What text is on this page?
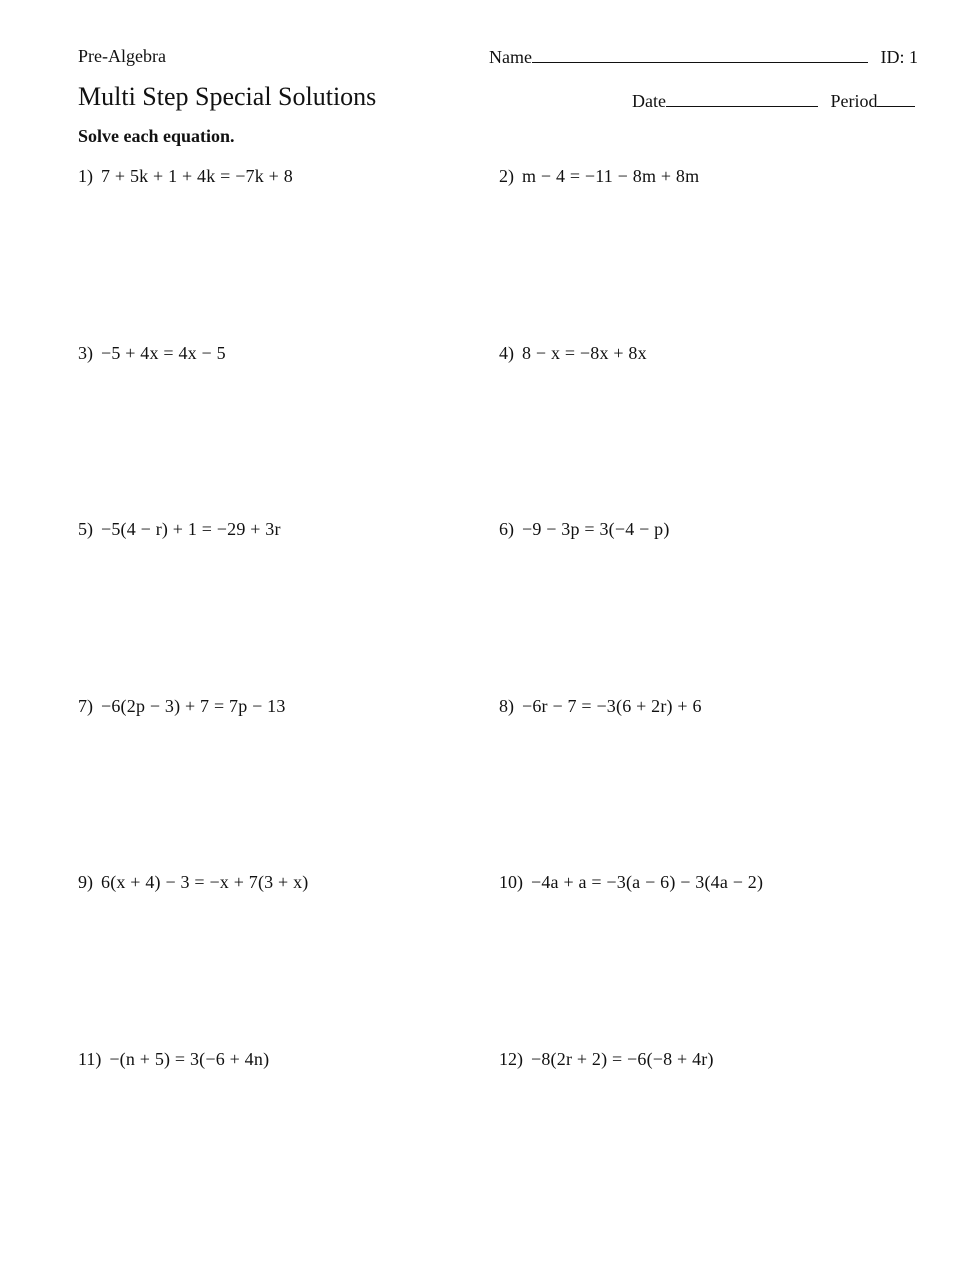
Pre-Algebra	Name	ID: 1
Multi Step Special Solutions	Date	Period
Solve each equation.
1) 7 + 5k + 1 + 4k = −7k + 8	2) m − 4 = −11 − 8m + 8m
3) −5 + 4x = 4x − 5	4) 8 − x = −8x + 8x
5) −5(4 − r) + 1 = −29 + 3r	6) −9 − 3p = 3(−4 − p)
7) −6(2p − 3) + 7 = 7p − 13	8) −6r − 7 = −3(6 + 2r) + 6
9) 6(x + 4) − 3 = −x + 7(3 + x)	10) −4a + a = −3(a − 6) − 3(4a − 2)
11) −(n + 5) = 3(−6 + 4n)	12) −8(2r + 2) = −6(−8 + 4r)
